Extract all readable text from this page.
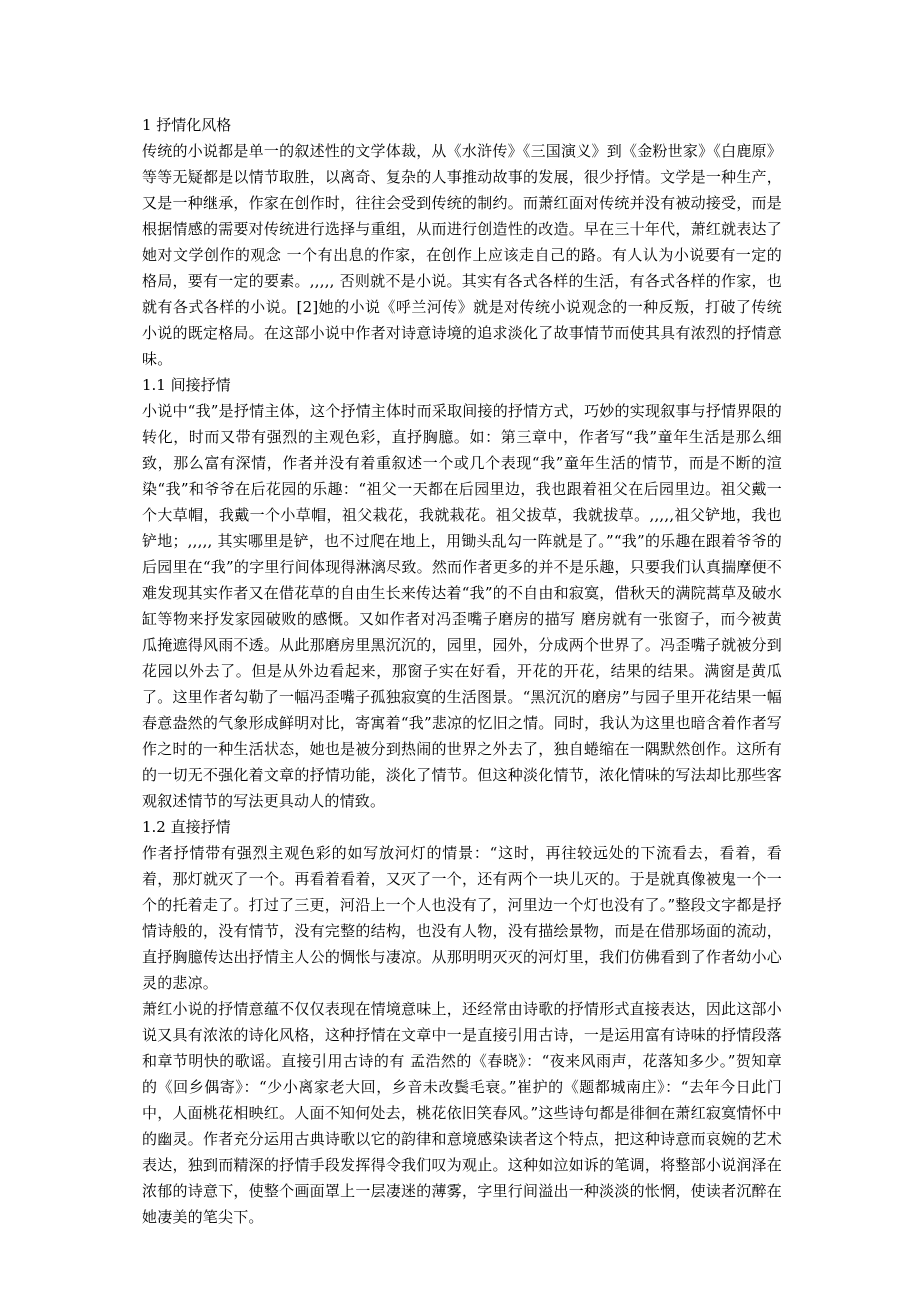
1 抒情化风格

传统的小说都是单一的叙述性的文学体裁，从《水浒传》《三国演义》到《金粉世家》《白鹿原》等等无疑都是以情节取胜，以离奇、复杂的人事推动故事的发展，很少抒情。文学是一种生产，又是一种继承，作家在创作时，往往会受到传统的制约。而萧红面对传统并没有被动接受，而是根据情感的需要对传统进行选择与重组，从而进行创造性的改造。早在三十年代，萧红就表达了她对文学创作的观念 一个有出息的作家，在创作上应该走自己的路。有人认为小说要有一定的格局，要有一定的要素。,,,,, 否则就不是小说。其实有各式各样的生活，有各式各样的作家，也就有各式各样的小说。[2]她的小说《呼兰河传》就是对传统小说观念的一种反叛，打破了传统小说的既定格局。在这部小说中作者对诗意诗境的追求淡化了故事情节而使其具有浓烈的抒情意味。

1.1 间接抒情

小说中“我”是抒情主体，这个抒情主体时而采取间接的抒情方式，巧妙的实现叙事与抒情界限的转化，时而又带有强烈的主观色彩，直抒胸臆。如：第三章中，作者写“我”童年生活是那么细致，那么富有深情，作者并没有着重叙述一个或几个表现“我”童年生活的情节，而是不断的渲染“我”和爷爷在后花园的乐趣：“祖父一天都在后园里边，我也跟着祖父在后园里边。祖父戴一个大草帽，我戴一个小草帽，祖父栽花，我就栽花。祖父拔草，我就拔草。,,,,,祖父铲地，我也铲地；,,,,, 其实哪里是铲，也不过爬在地上，用锄头乱勾一阵就是了。”“我”的乐趣在跟着爷爷的后园里在“我”的字里行间体现得淋漓尽致。然而作者更多的并不是乐趣，只要我们认真揣摩便不难发现其实作者又在借花草的自由生长来传达着“我”的不自由和寂寞，借秋天的满院蒿草及破水缸等物来抒发家园破败的感慨。又如作者对冯歪嘴子磨房的描写 磨房就有一张窗子，而今被黄瓜掩遮得风雨不透。从此那磨房里黑沉沉的，园里，园外，分成两个世界了。冯歪嘴子就被分到花园以外去了。但是从外边看起来，那窗子实在好看，开花的开花，结果的结果。满窗是黄瓜了。这里作者勾勒了一幅冯歪嘴子孤独寂寞的生活图景。“黑沉沉的磨房”与园子里开花结果一幅春意盎然的气象形成鲜明对比，寄寓着“我”悲凉的忆旧之情。同时，我认为这里也暗含着作者写作之时的一种生活状态，她也是被分到热闹的世界之外去了，独自蜷缩在一隅默然创作。这所有的一切无不强化着文章的抒情功能，淡化了情节。但这种淡化情节，浓化情味的写法却比那些客观叙述情节的写法更具动人的情致。

1.2 直接抒情

作者抒情带有强烈主观色彩的如写放河灯的情景：“这时，再往较远处的下流看去，看着，看着，那灯就灭了一个。再看着看着，又灭了一个，还有两个一块儿灭的。于是就真像被鬼一个一个的托着走了。打过了三更，河沿上一个人也没有了，河里边一个灯也没有了。”整段文字都是抒情诗般的，没有情节，没有完整的结构，也没有人物，没有描绘景物，而是在借那场面的流动，直抒胸臆传达出抒情主人公的惆怅与凄凉。从那明明灭灭的河灯里，我们仿佛看到了作者幼小心灵的悲凉。

萧红小说的抒情意蕴不仅仅表现在情境意味上，还经常由诗歌的抒情形式直接表达，因此这部小说又具有浓浓的诗化风格，这种抒情在文章中一是直接引用古诗，一是运用富有诗味的抒情段落和章节明快的歌谣。直接引用古诗的有 孟浩然的《春晓》：“夜来风雨声，花落知多少。”贺知章的《回乡偶寄》：“少小离家老大回，乡音未改鬓毛衰。”崔护的《题都城南庄》：“去年今日此门中，人面桃花相映红。人面不知何处去，桃花依旧笑春风。”这些诗句都是徘徊在萧红寂寞情怀中的幽灵。作者充分运用古典诗歌以它的韵律和意境感染读者这个特点，把这种诗意而哀婉的艺术表达，独到而精深的抒情手段发挥得令我们叹为观止。这种如泣如诉的笔调，将整部小说润泽在浓郁的诗意下，使整个画面罩上一层凄迷的薄雾，字里行间溢出一种淡淡的怅惘，使读者沉醉在她凄美的笔尖下。
